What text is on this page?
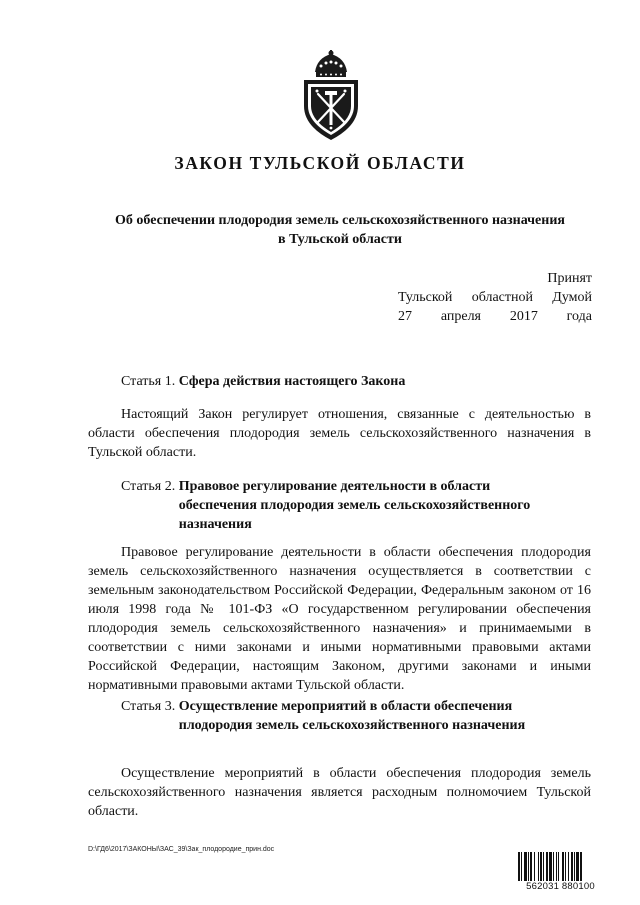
ЗАКОН ТУЛЬСКОЙ ОБЛАСТИ
Об обеспечении плодородия земель сельскохозяйственного назначения
в Тульской области
Принят
Тульской областной Думой
27 апреля 2017 года
Статья 1.
Сфера действия настоящего Закона

Настоящий Закон регулирует отношения, связанные с деятельностью в области обеспечения плодородия земель сельскохозяйственного назначения в Тульской области.

Статья 2.
Правовое регулирование деятельности в области обеспечения плодородия земель сельскохозяйственного назначения

Правовое регулирование деятельности в области обеспечения плодородия земель сельскохозяйственного назначения осуществляется в соответствии с земельным законодательством Российской Федерации, Федеральным законом от 16 июля 1998 года № 101-ФЗ «О государственном регулировании обеспечения плодородия земель сельскохозяйственного назначения» и принимаемыми в соответствии с ними законами и иными нормативными правовыми актами Российской Федерации, настоящим Законом, другими законами и иными нормативными правовыми актами Тульской области.

Статья 3.
Осуществление мероприятий в области обеспечения плодородия земель сельскохозяйственного назначения

Осуществление мероприятий в области обеспечения плодородия земель сельскохозяйственного назначения является расходным полномочием Тульской области.

D:\ГД6\2017\ЗАКОНЫ\ЗАС_39\Зак_плодородие_прин.doc
562031 880100
